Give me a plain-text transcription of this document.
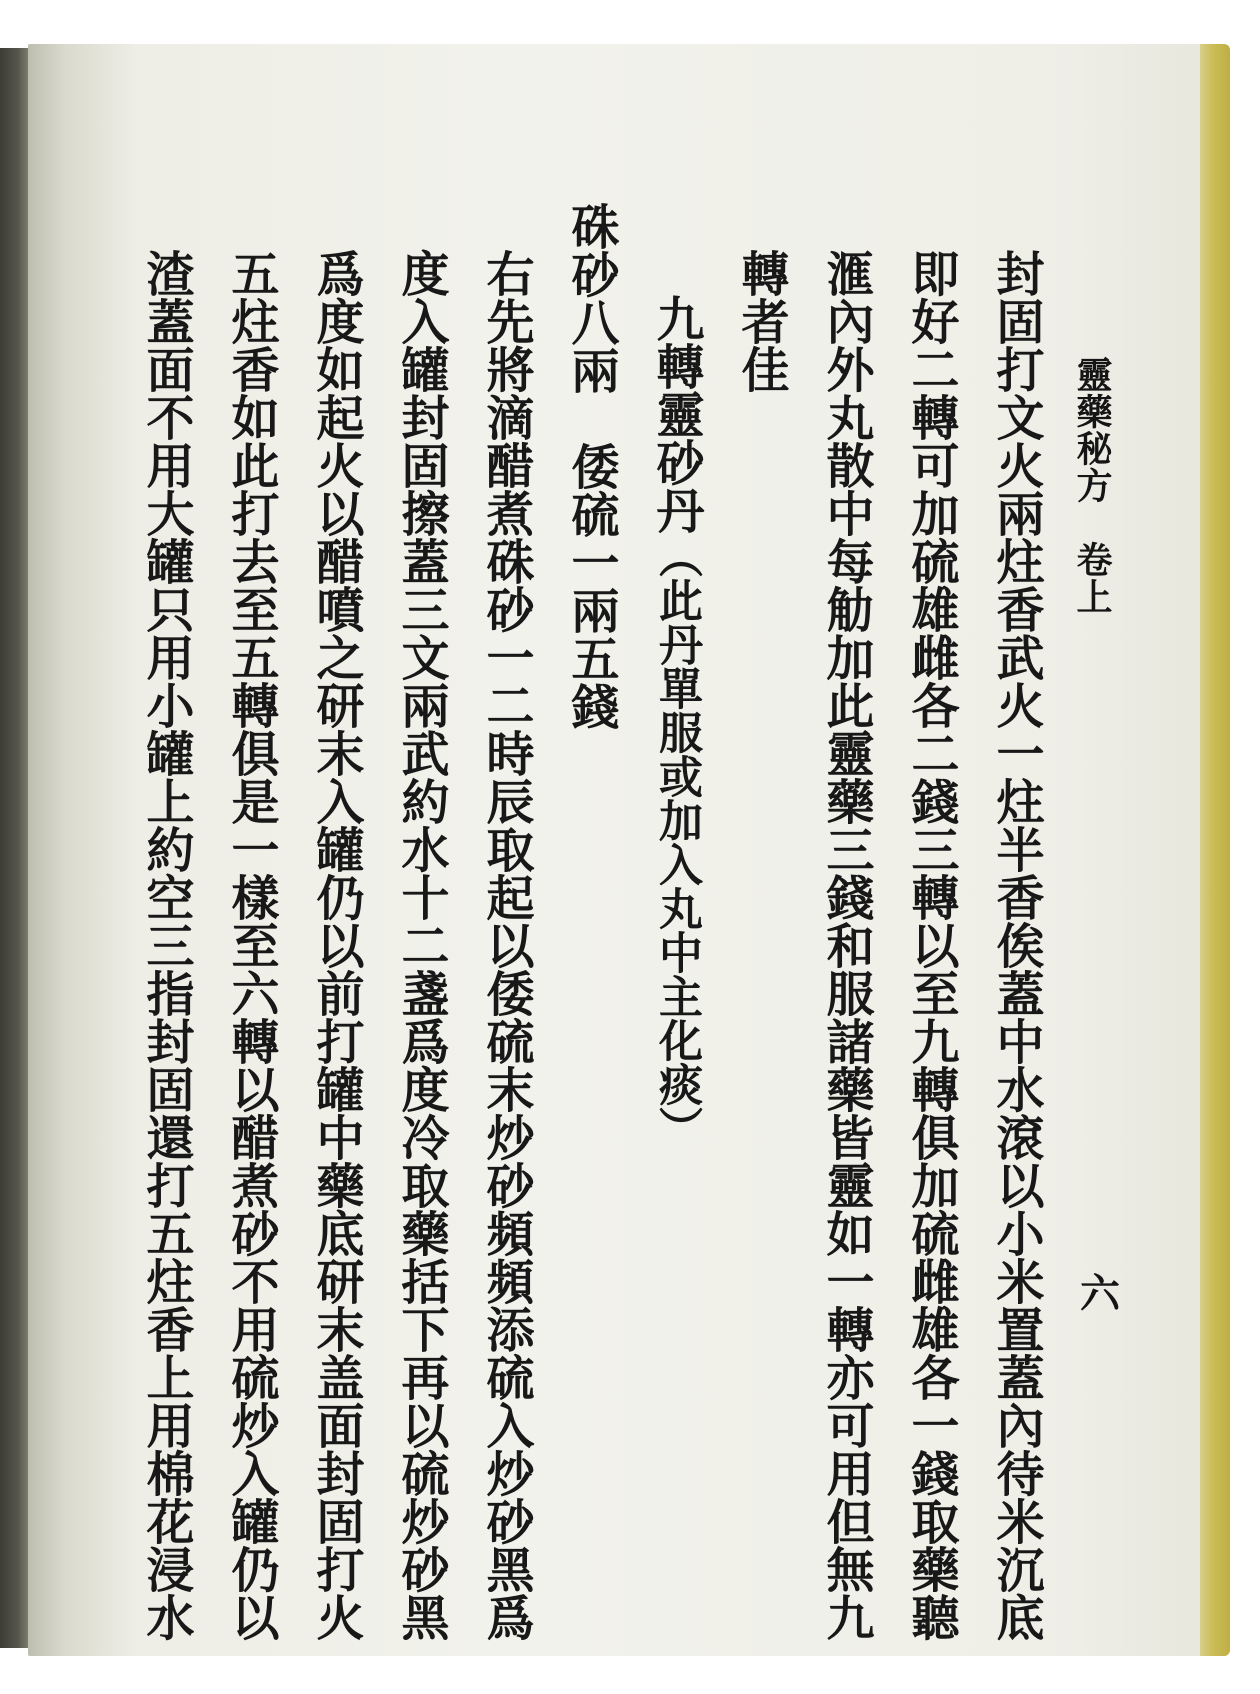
靈藥秘方　卷上
六
封固打文火兩炷香武火一炷半香俟蓋中水滾以小米置蓋內待米沉底
即好二轉可加硫雄雌各二錢三轉以至九轉俱加硫雌雄各一錢取藥聽
滙內外丸散中每觔加此靈藥三錢和服諸藥皆靈如一轉亦可用但無九
轉者佳
九轉靈砂丹（此丹單服或加入丸中主化痰）
硃砂八兩　倭硫一兩五錢
右先將滴醋煮硃砂一二時辰取起以倭硫末炒砂頻頻添硫入炒砂黑爲
度入罐封固擦蓋三文兩武約水十二盞爲度冷取藥括下再以硫炒砂黑
爲度如起火以醋噴之研末入罐仍以前打罐中藥底研末盖面封固打火
五炷香如此打去至五轉俱是一樣至六轉以醋煮砂不用硫炒入罐仍以
渣蓋面不用大罐只用小罐上約空三指封固還打五炷香上用棉花浸水
